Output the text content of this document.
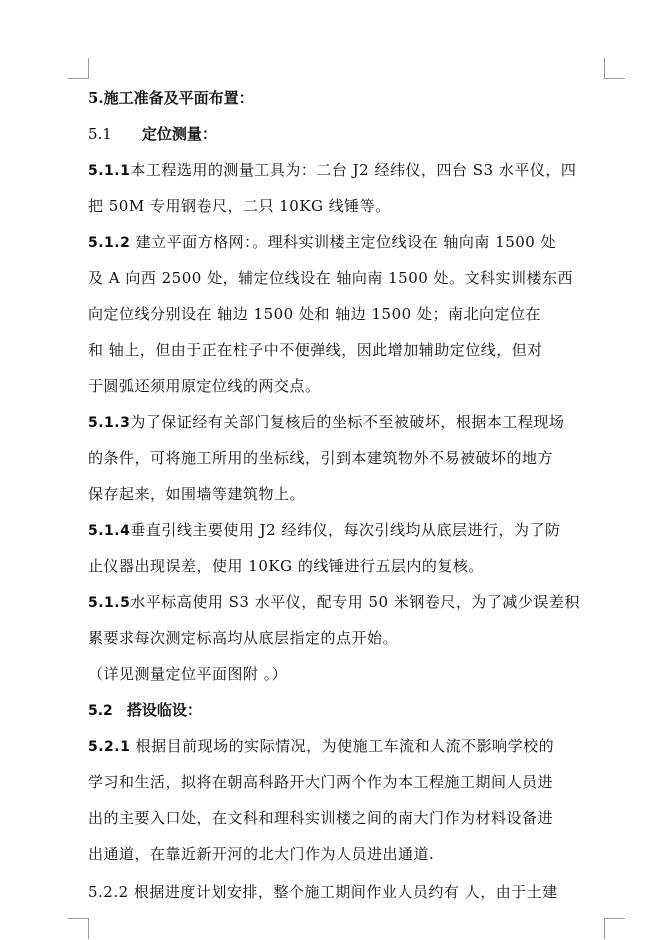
5.施工准备及平面布置：
5.1 定位测量：
5.1.1本工程选用的测量工具为：二台 J2 经纬仪，四台 S3 水平仪，四
把 50M 专用钢卷尺，二只 10KG 线锤等。
5.1.2 建立平面方格网：。理科实训楼主定位线设在 轴向南 1500 处
及 A 向西 2500 处，辅定位线设在 轴向南 1500 处。文科实训楼东西
向定位线分别设在 轴边 1500 处和 轴边 1500 处；南北向定位在
和 轴上，但由于正在柱子中不便弹线，因此增加辅助定位线，但对
于圆弧还须用原定位线的两交点。
5.1.3为了保证经有关部门复核后的坐标不至被破坏，根据本工程现场
的条件，可将施工所用的坐标线，引到本建筑物外不易被破坏的地方
保存起来，如围墙等建筑物上。
5.1.4垂直引线主要使用 J2 经纬仪，每次引线均从底层进行，为了防
止仪器出现误差，使用 10KG 的线锤进行五层内的复核。
5.1.5水平标高使用 S3 水平仪，配专用 50 米钢卷尺，为了减少误差积
累要求每次测定标高均从底层指定的点开始。
（详见测量定位平面图附 。）
5.2 搭设临设：
5.2.1 根据目前现场的实际情况，为使施工车流和人流不影响学校的
学习和生活，拟将在朝高科路开大门两个作为本工程施工期间人员进
出的主要入口处，在文科和理科实训楼之间的南大门作为材料设备进
出通道，在靠近新开河的北大门作为人员进出通道.
5.2.2 根据进度计划安排，整个施工期间作业人员约有 人，由于土建
